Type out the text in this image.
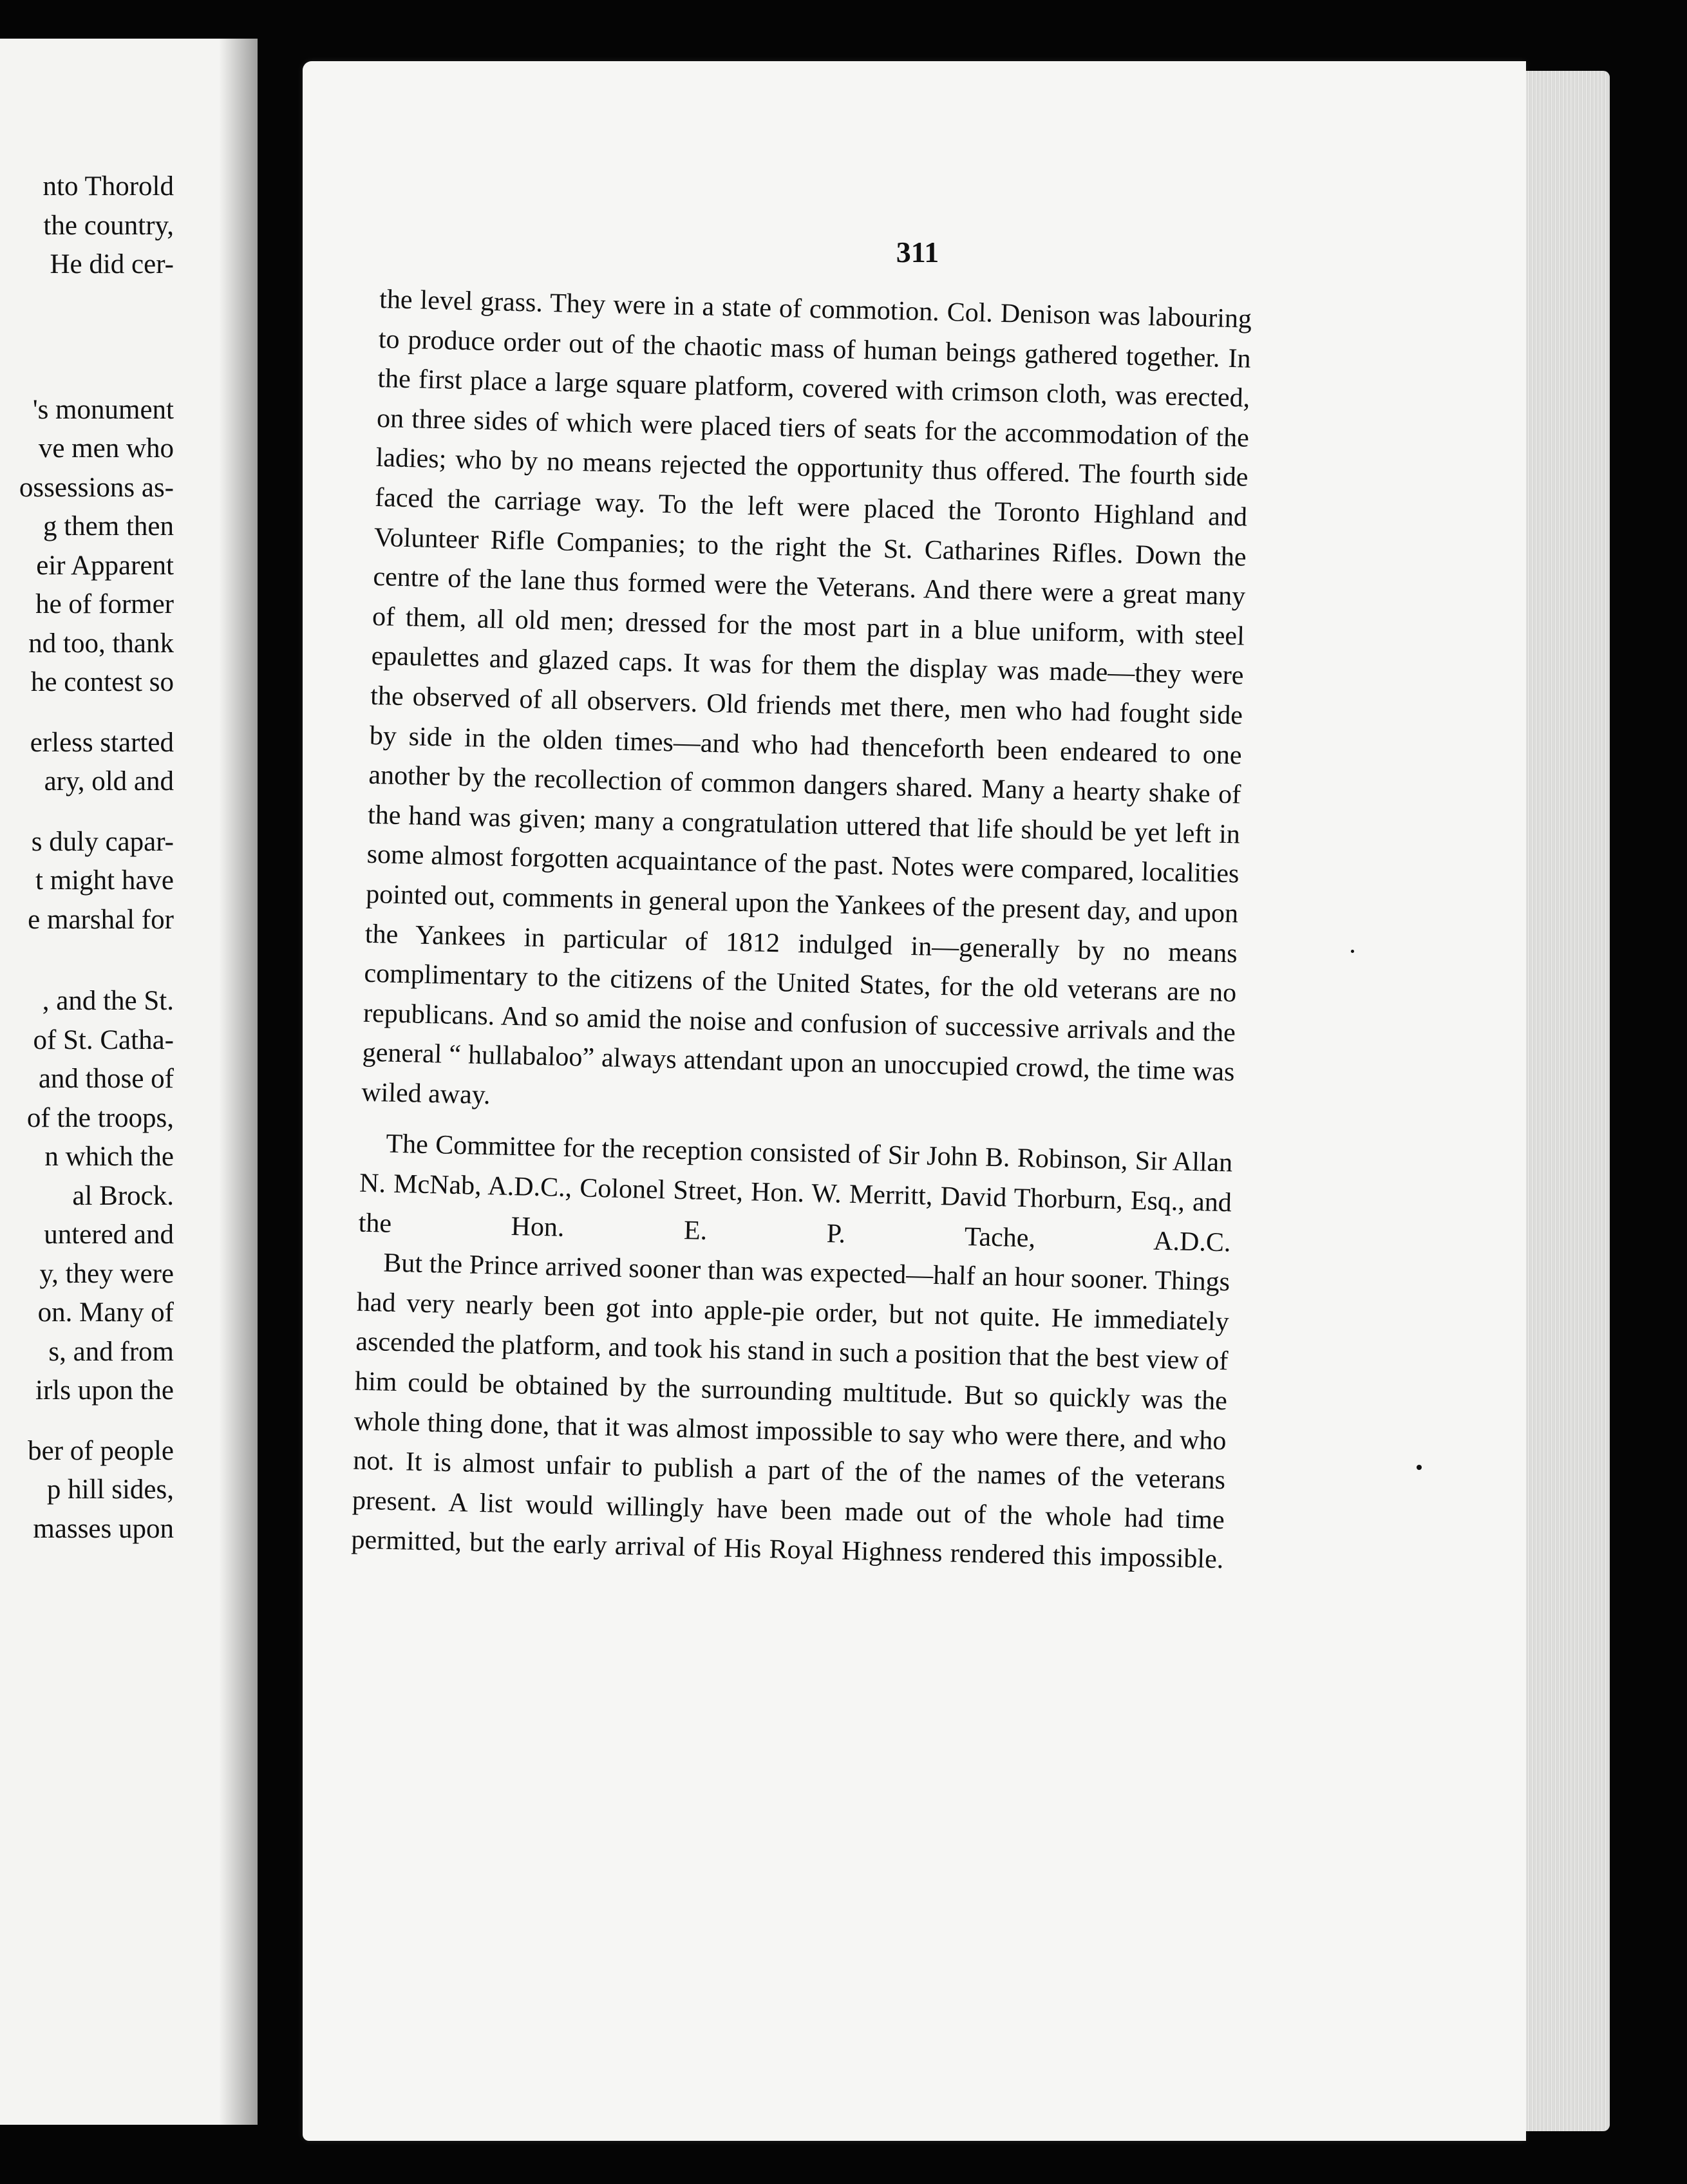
nto Thorold
the country,
He did cer-
's monument
ve men who
ossessions as-
g them then
eir Apparent
he of former
nd too, thank
he contest so
erless started
ary, old and
s duly capar-
t might have
e marshal for
, and the St.
of St. Catha-
and those of
of the troops,
n which the
al Brock.
untered and
y, they were
on. Many of
s, and from
irls upon the
ber of people
p hill sides,
masses upon
311

the level grass. They were in a state of commotion. Col. Denison was labouring to produce order out of the chaotic mass of human beings gathered together. In the first place a large square platform, covered with crimson cloth, was erected, on three sides of which were placed tiers of seats for the accommodation of the ladies; who by no means rejected the opportunity thus offered. The fourth side faced the carriage way. To the left were placed the Toronto Highland and Volunteer Rifle Companies; to the right the St. Catharines Rifles. Down the centre of the lane thus formed were the Veterans. And there were a great many of them, all old men; dressed for the most part in a blue uniform, with steel epaulettes and glazed caps. It was for them the display was made—they were the observed of all observers. Old friends met there, men who had fought side by side in the olden times—and who had thenceforth been endeared to one another by the recollection of common dangers shared. Many a hearty shake of the hand was given; many a congratulation uttered that life should be yet left in some almost forgotten acquaintance of the past. Notes were compared, localities pointed out, comments in general upon the Yankees of the present day, and upon the Yankees in particular of 1812 indulged in—generally by no means complimentary to the citizens of the United States, for the old veterans are no republicans. And so amid the noise and confusion of successive arrivals and the general “ hullabaloo” always attendant upon an unoccupied crowd, the time was wiled away.

The Committee for the reception consisted of Sir John B. Robinson, Sir Allan N. McNab, A.D.C., Colonel Street, Hon. W. Merritt, David Thorburn, Esq., and the Hon. E. P. Tache, A.D.C.

But the Prince arrived sooner than was expected—half an hour sooner. Things had very nearly been got into apple-pie order, but not quite. He immediately ascended the platform, and took his stand in such a position that the best view of him could be obtained by the surrounding multitude. But so quickly was the whole thing done, that it was almost impossible to say who were there, and who not. It is almost unfair to publish a part of the of the names of the veterans present. A list would willingly have been made out of the whole had time permitted, but the early arrival of His Royal Highness rendered this impossible.
